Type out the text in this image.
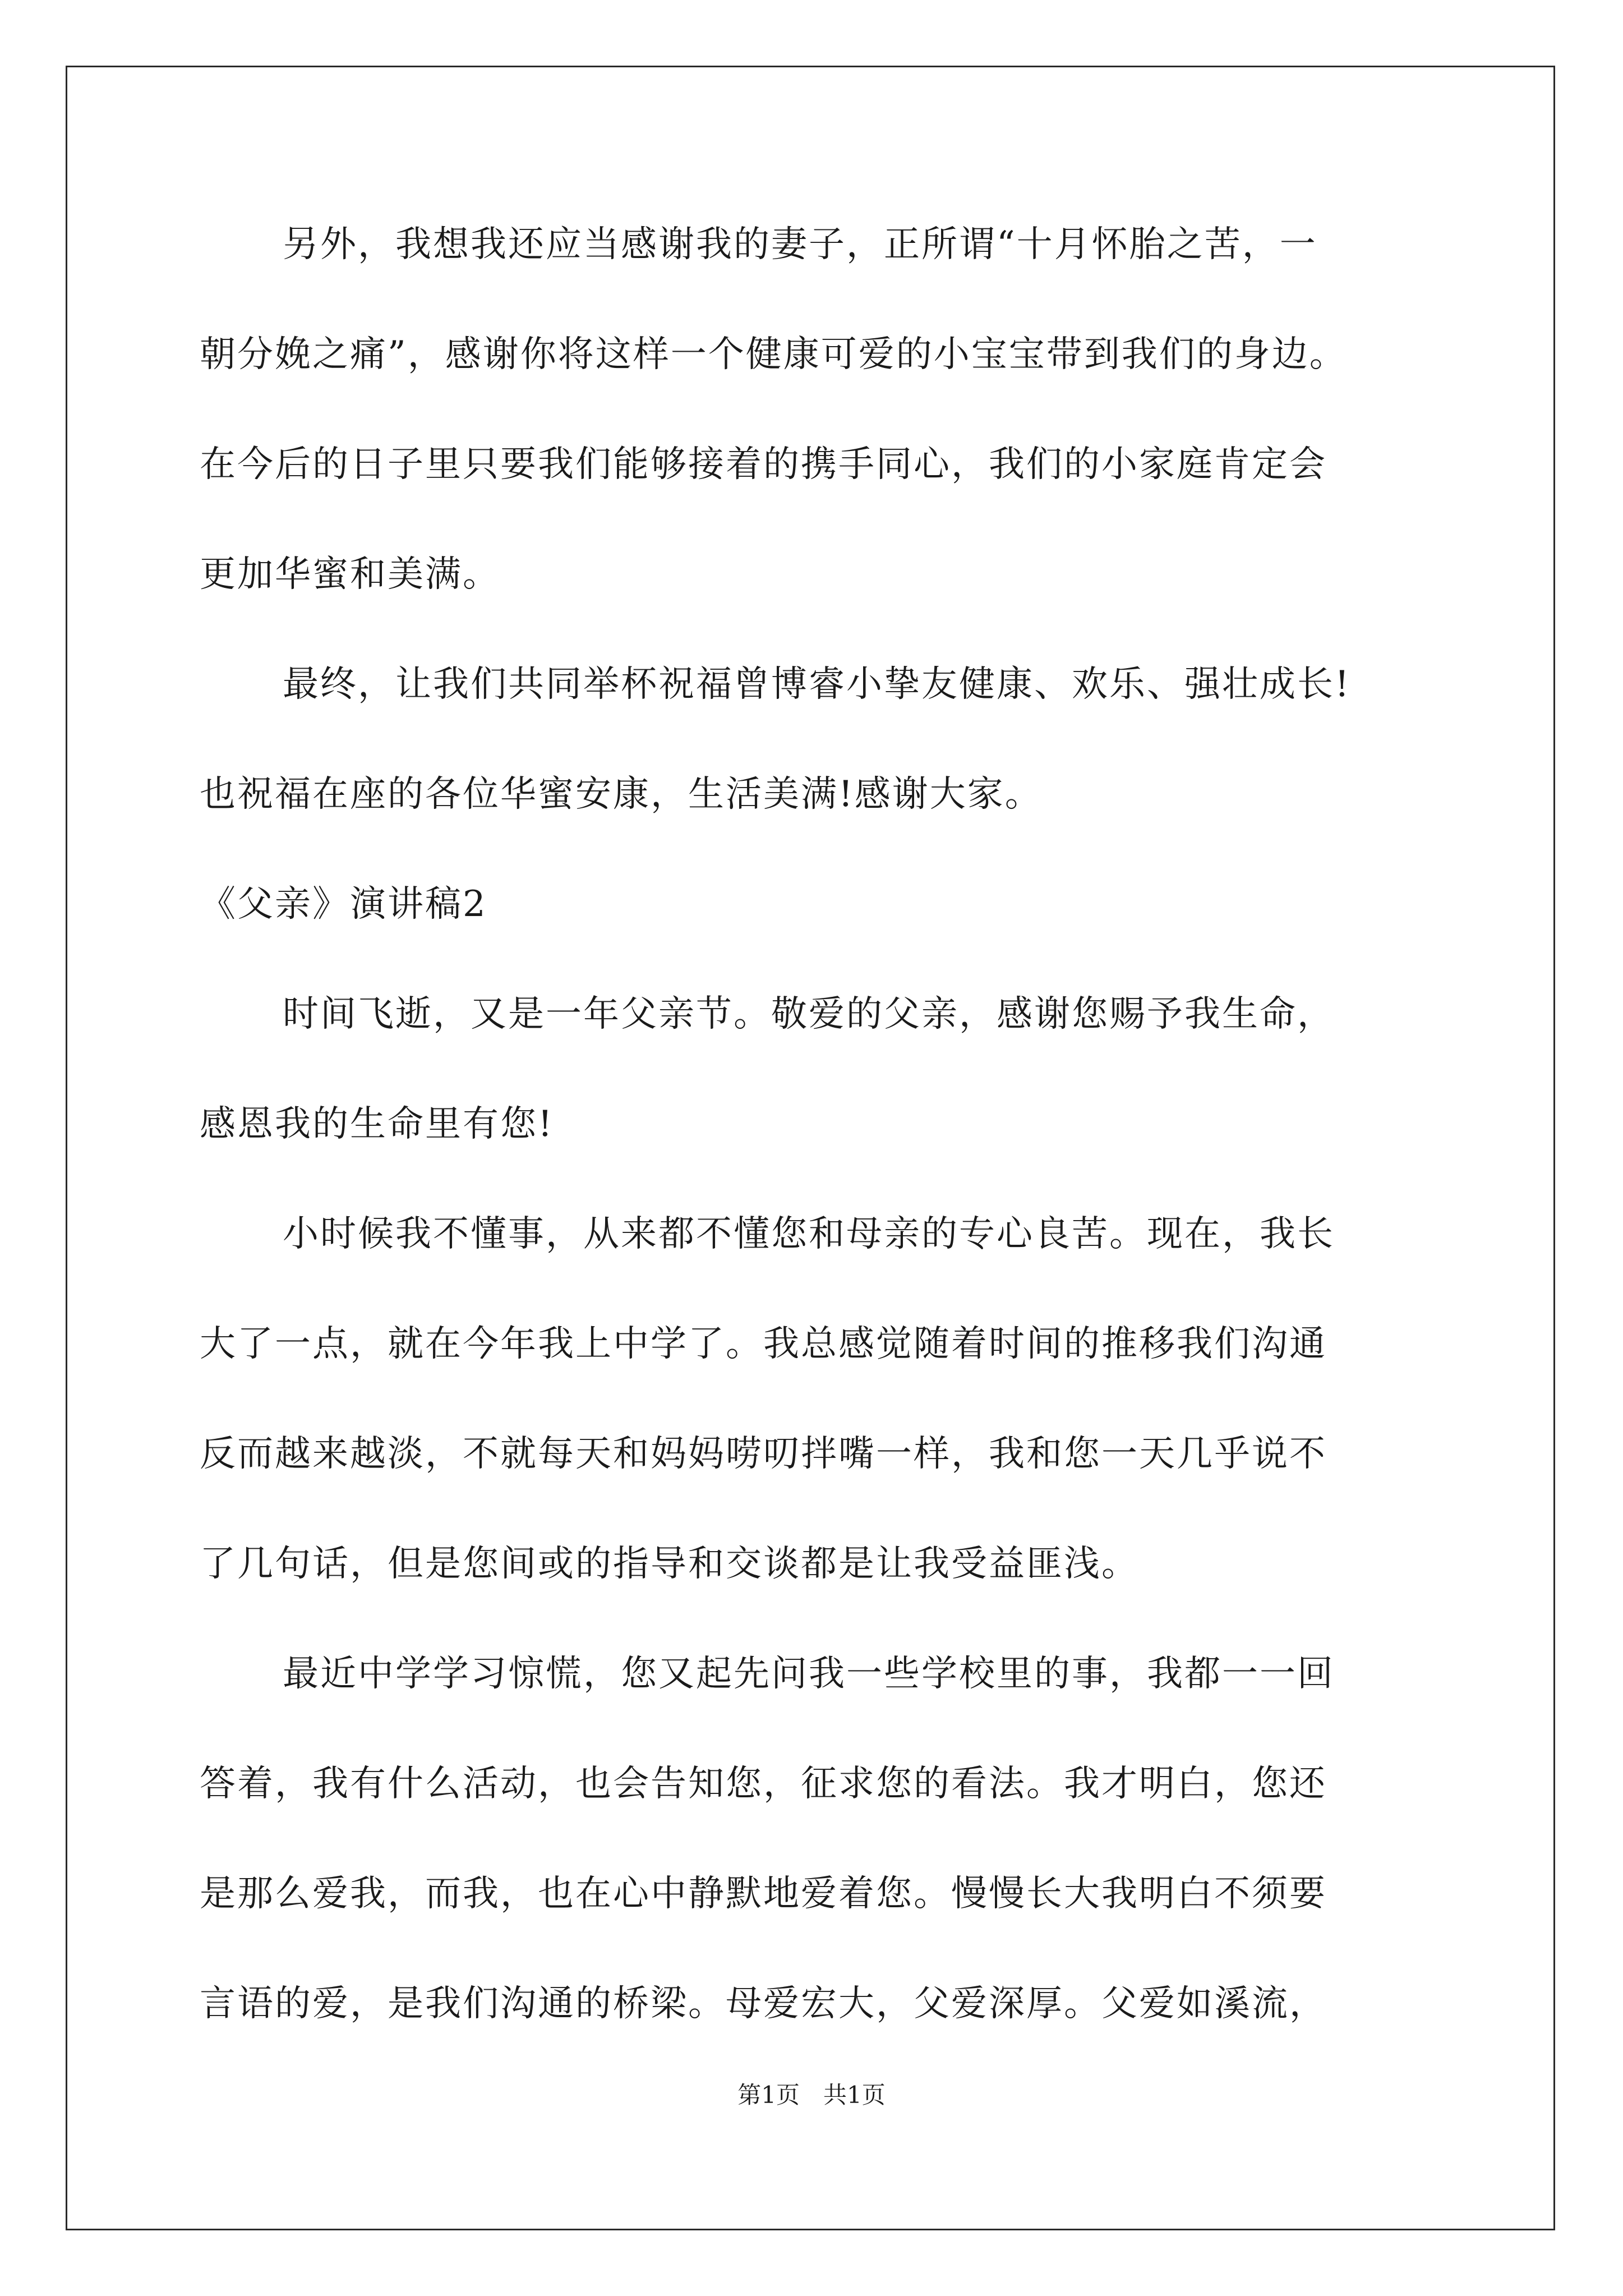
另外，我想我还应当感谢我的妻子，正所谓“十月怀胎之苦，一
朝分娩之痛”，感谢你将这样一个健康可爱的小宝宝带到我们的身边。
在今后的日子里只要我们能够接着的携手同心，我们的小家庭肯定会
更加华蜜和美满。
最终，让我们共同举杯祝福曾博睿小挚友健康、欢乐、强壮成长!
也祝福在座的各位华蜜安康，生活美满!感谢大家。
《父亲》演讲稿2
时间飞逝，又是一年父亲节。敬爱的父亲，感谢您赐予我生命，
感恩我的生命里有您!
小时候我不懂事，从来都不懂您和母亲的专心良苦。现在，我长
大了一点，就在今年我上中学了。我总感觉随着时间的推移我们沟通
反而越来越淡，不就每天和妈妈唠叨拌嘴一样，我和您一天几乎说不
了几句话，但是您间或的指导和交谈都是让我受益匪浅。
最近中学学习惊慌，您又起先问我一些学校里的事，我都一一回
答着，我有什么活动，也会告知您，征求您的看法。我才明白，您还
是那么爱我，而我，也在心中静默地爱着您。慢慢长大我明白不须要
言语的爱，是我们沟通的桥梁。母爱宏大，父爱深厚。父爱如溪流，
第1页　共1页
